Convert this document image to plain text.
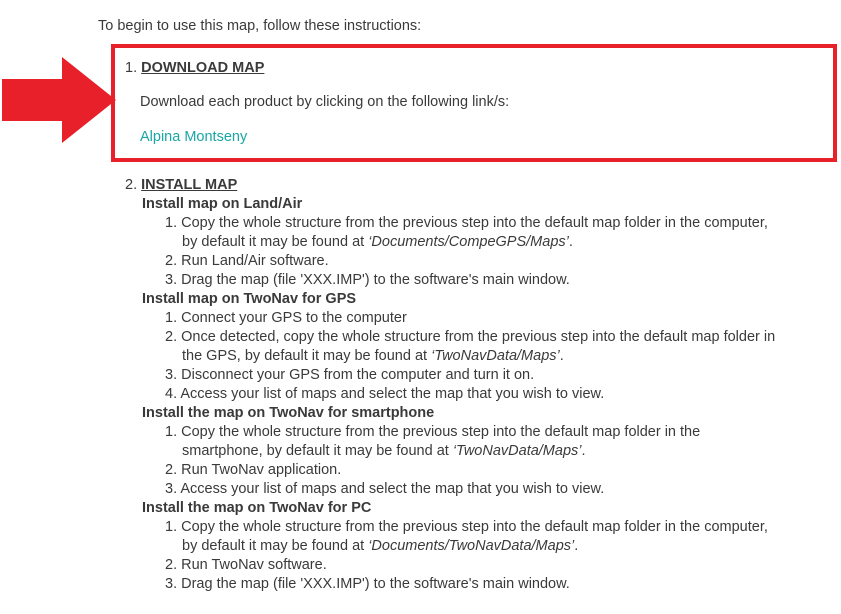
To begin to use this map, follow these instructions:
1. DOWNLOAD MAP
Download each product by clicking on the following link/s:
Alpina Montseny
2. INSTALL MAP
Install map on Land/Air
1. Copy the whole structure from the previous step into the default map folder in the computer,
by default it may be found at ‘Documents/CompeGPS/Maps’.
2. Run Land/Air software.
3. Drag the map (file 'XXX.IMP') to the software's main window.
Install map on TwoNav for GPS
1. Connect your GPS to the computer
2. Once detected, copy the whole structure from the previous step into the default map folder in
the GPS, by default it may be found at ‘TwoNavData/Maps’.
3. Disconnect your GPS from the computer and turn it on.
4. Access your list of maps and select the map that you wish to view.
Install the map on TwoNav for smartphone
1. Copy the whole structure from the previous step into the default map folder in the
smartphone, by default it may be found at ‘TwoNavData/Maps’.
2. Run TwoNav application.
3. Access your list of maps and select the map that you wish to view.
Install the map on TwoNav for PC
1. Copy the whole structure from the previous step into the default map folder in the computer,
by default it may be found at ‘Documents/TwoNavData/Maps’.
2. Run TwoNav software.
3. Drag the map (file 'XXX.IMP') to the software's main window.
